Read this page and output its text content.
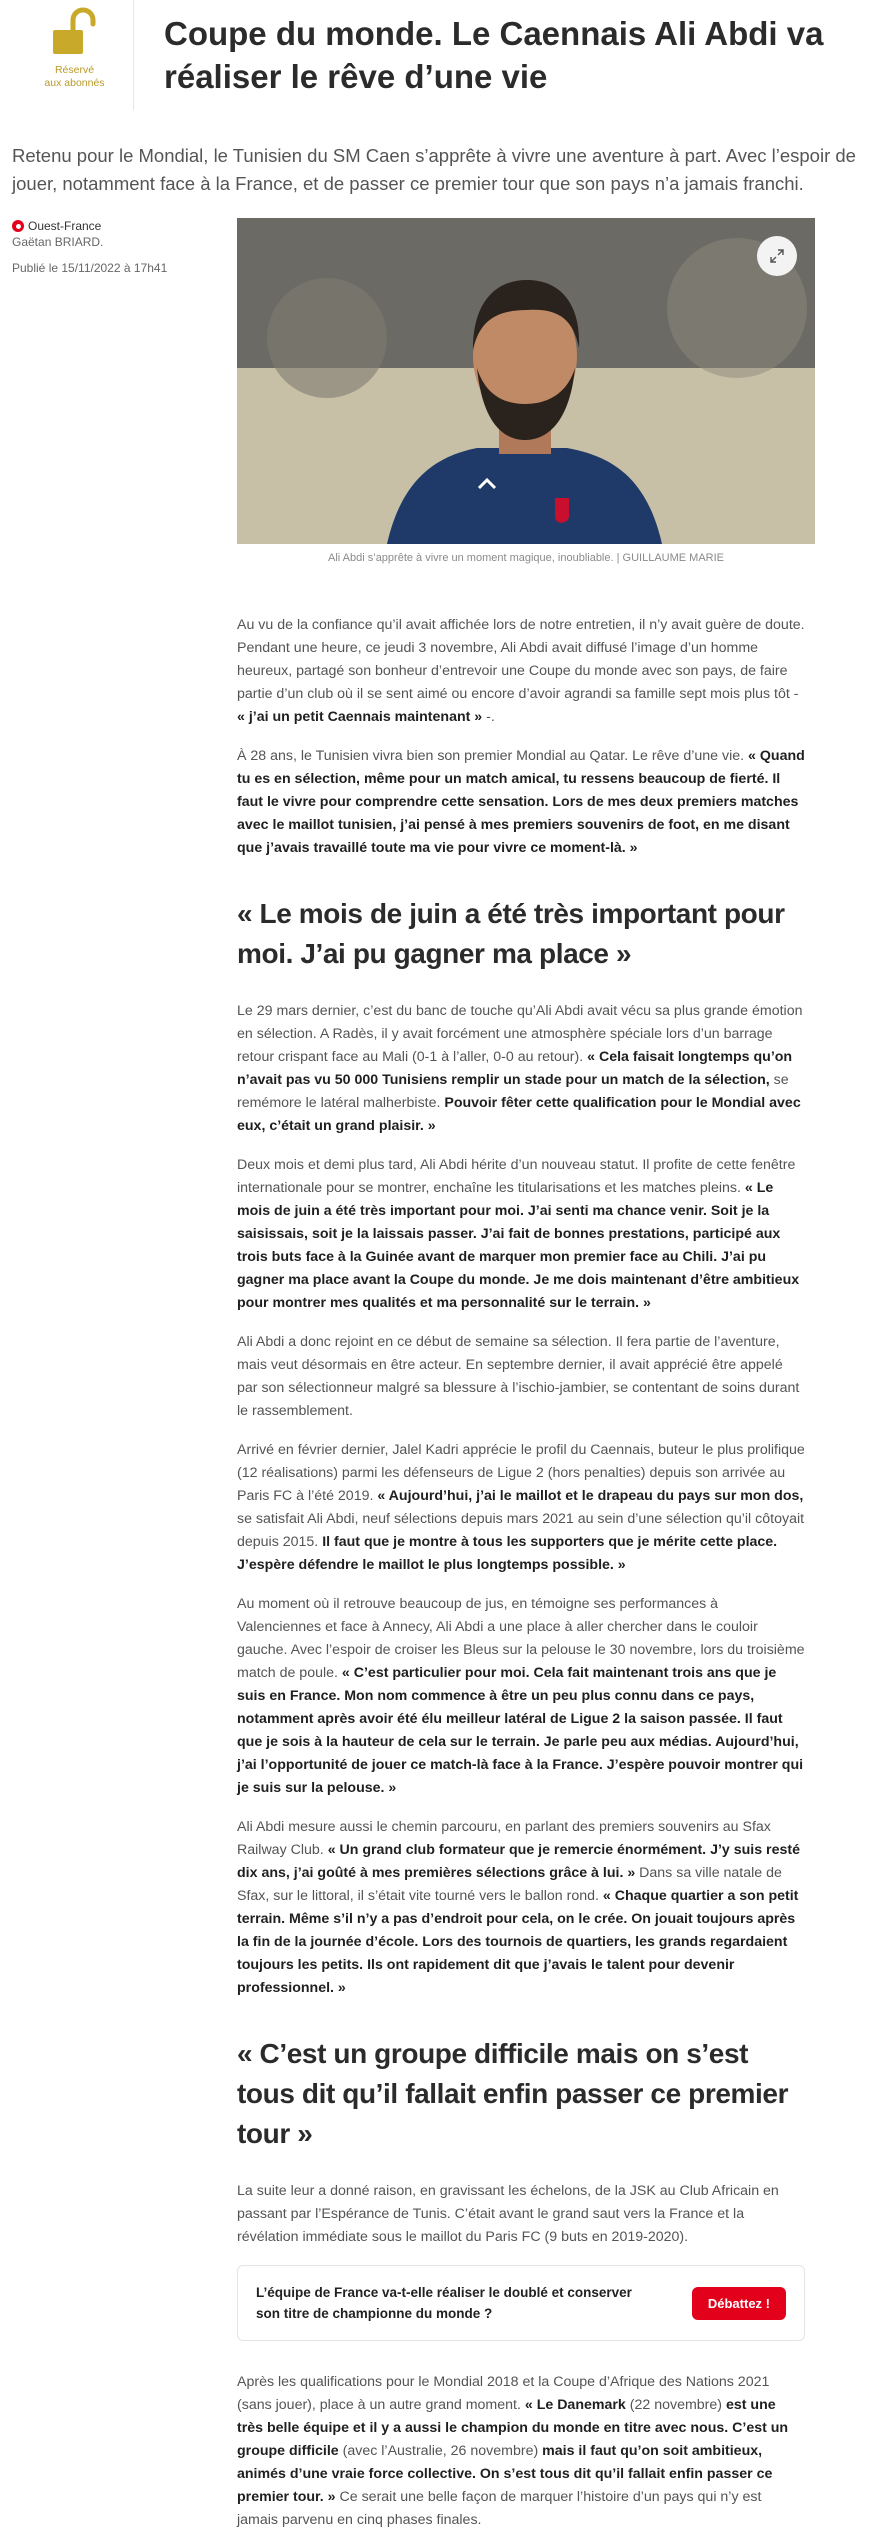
Réservé
aux abonnés
Coupe du monde. Le Caennais Ali Abdi va réaliser le rêve d’une vie

Retenu pour le Mondial, le Tunisien du SM Caen s’apprête à vivre une aventure à part. Avec l’espoir de jouer, notamment face à la France, et de passer ce premier tour que son pays n’a jamais franchi.

Ouest-France
Gaëtan BRIARD.
Publié le 15/11/2022 à 17h41
Ali Abdi s’apprête à vivre un moment magique, inoubliable. | GUILLAUME MARIE

Au vu de la confiance qu’il avait affichée lors de notre entretien, il n’y avait guère de doute. Pendant une heure, ce jeudi 3 novembre, Ali Abdi avait diffusé l’image d’un homme heureux, partagé son bonheur d’entrevoir une Coupe du monde avec son pays, de faire partie d’un club où il se sent aimé ou encore d’avoir agrandi sa famille sept mois plus tôt - « j’ai un petit Caennais maintenant » -.

À 28 ans, le Tunisien vivra bien son premier Mondial au Qatar. Le rêve d’une vie. « Quand tu es en sélection, même pour un match amical, tu ressens beaucoup de fierté. Il faut le vivre pour comprendre cette sensation. Lors de mes deux premiers matches avec le maillot tunisien, j’ai pensé à mes premiers souvenirs de foot, en me disant que j’avais travaillé toute ma vie pour vivre ce moment-là. »

« Le mois de juin a été très important pour moi. J’ai pu gagner ma place »

Le 29 mars dernier, c’est du banc de touche qu’Ali Abdi avait vécu sa plus grande émotion en sélection. A Radès, il y avait forcément une atmosphère spéciale lors d’un barrage retour crispant face au Mali (0-1 à l’aller, 0-0 au retour). « Cela faisait longtemps qu’on n’avait pas vu 50 000 Tunisiens remplir un stade pour un match de la sélection, se remémore le latéral malherbiste. Pouvoir fêter cette qualification pour le Mondial avec eux, c’était un grand plaisir. »

Deux mois et demi plus tard, Ali Abdi hérite d’un nouveau statut. Il profite de cette fenêtre internationale pour se montrer, enchaîne les titularisations et les matches pleins. « Le mois de juin a été très important pour moi. J’ai senti ma chance venir. Soit je la saisissais, soit je la laissais passer. J’ai fait de bonnes prestations, participé aux trois buts face à la Guinée avant de marquer mon premier face au Chili. J’ai pu gagner ma place avant la Coupe du monde. Je me dois maintenant d’être ambitieux pour montrer mes qualités et ma personnalité sur le terrain. »

Ali Abdi a donc rejoint en ce début de semaine sa sélection. Il fera partie de l’aventure, mais veut désormais en être acteur. En septembre dernier, il avait apprécié être appelé par son sélectionneur malgré sa blessure à l’ischio-jambier, se contentant de soins durant le rassemblement.

Arrivé en février dernier, Jalel Kadri apprécie le profil du Caennais, buteur le plus prolifique (12 réalisations) parmi les défenseurs de Ligue 2 (hors penalties) depuis son arrivée au Paris FC à l’été 2019. « Aujourd’hui, j’ai le maillot et le drapeau du pays sur mon dos, se satisfait Ali Abdi, neuf sélections depuis mars 2021 au sein d’une sélection qu’il côtoyait depuis 2015. Il faut que je montre à tous les supporters que je mérite cette place. J’espère défendre le maillot le plus longtemps possible. »

Au moment où il retrouve beaucoup de jus, en témoigne ses performances à Valenciennes et face à Annecy, Ali Abdi a une place à aller chercher dans le couloir gauche. Avec l’espoir de croiser les Bleus sur la pelouse le 30 novembre, lors du troisième match de poule. « C’est particulier pour moi. Cela fait maintenant trois ans que je suis en France. Mon nom commence à être un peu plus connu dans ce pays, notamment après avoir été élu meilleur latéral de Ligue 2 la saison passée. Il faut que je sois à la hauteur de cela sur le terrain. Je parle peu aux médias. Aujourd’hui, j’ai l’opportunité de jouer ce match-là face à la France. J’espère pouvoir montrer qui je suis sur la pelouse. »

Ali Abdi mesure aussi le chemin parcouru, en parlant des premiers souvenirs au Sfax Railway Club. « Un grand club formateur que je remercie énormément. J’y suis resté dix ans, j’ai goûté à mes premières sélections grâce à lui. » Dans sa ville natale de Sfax, sur le littoral, il s’était vite tourné vers le ballon rond. « Chaque quartier a son petit terrain. Même s’il n’y a pas d’endroit pour cela, on le crée. On jouait toujours après la fin de la journée d’école. Lors des tournois de quartiers, les grands regardaient toujours les petits. Ils ont rapidement dit que j’avais le talent pour devenir professionnel. »

« C’est un groupe difficile mais on s’est tous dit qu’il fallait enfin passer ce premier tour »

La suite leur a donné raison, en gravissant les échelons, de la JSK au Club Africain en passant par l’Espérance de Tunis. C’était avant le grand saut vers la France et la révélation immédiate sous le maillot du Paris FC (9 buts en 2019-2020).

L’équipe de France va-t-elle réaliser le doublé et conserver son titre de championne du monde ?
Débattez !

Après les qualifications pour le Mondial 2018 et la Coupe d’Afrique des Nations 2021 (sans jouer), place à un autre grand moment. « Le Danemark (22 novembre) est une très belle équipe et il y a aussi le champion du monde en titre avec nous. C’est un groupe difficile (avec l’Australie, 26 novembre) mais il faut qu’on soit ambitieux, animés d’une vraie force collective. On s’est tous dit qu’il fallait enfin passer ce premier tour. » Ce serait une belle façon de marquer l’histoire d’un pays qui n’y est jamais parvenu en cinq phases finales.
